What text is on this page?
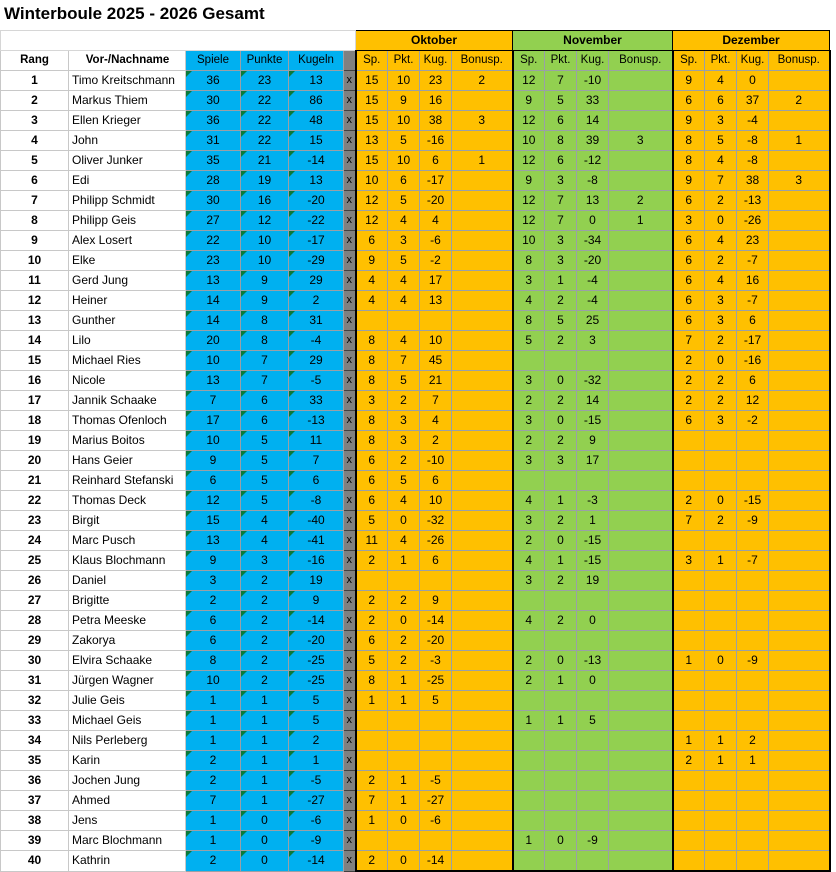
Winterboule 2025 - 2026 Gesamt
						Oktober				November				Dezember			
Rang	Vor-/Nachname	Spiele	Punkte	Kugeln		Sp.	Pkt.	Kug.	Bonusp.	Sp.	Pkt.	Kug.	Bonusp.	Sp.	Pkt.	Kug.	Bonusp.
1	Timo Kreitschmann	36	23	13	x	15	10	23	2	12	7	-10		9	4	0	
2	Markus Thiem	30	22	86	x	15	9	16		9	5	33		6	6	37	2
3	Ellen Krieger	36	22	48	x	15	10	38	3	12	6	14		9	3	-4	
4	John	31	22	15	x	13	5	-16		10	8	39	3	8	5	-8	1
5	Oliver Junker	35	21	-14	x	15	10	6	1	12	6	-12		8	4	-8	
6	Edi	28	19	13	x	10	6	-17		9	3	-8		9	7	38	3
7	Philipp Schmidt	30	16	-20	x	12	5	-20		12	7	13	2	6	2	-13	
8	Philipp Geis	27	12	-22	x	12	4	4		12	7	0	1	3	0	-26	
9	Alex Losert	22	10	-17	x	6	3	-6		10	3	-34		6	4	23	
10	Elke	23	10	-29	x	9	5	-2		8	3	-20		6	2	-7	
11	Gerd Jung	13	9	29	x	4	4	17		3	1	-4		6	4	16	
12	Heiner	14	9	2	x	4	4	13		4	2	-4		6	3	-7	
13	Gunther	14	8	31	x					8	5	25		6	3	6	
14	Lilo	20	8	-4	x	8	4	10		5	2	3		7	2	-17	
15	Michael Ries	10	7	29	x	8	7	45						2	0	-16	
16	Nicole	13	7	-5	x	8	5	21		3	0	-32		2	2	6	
17	Jannik Schaake	7	6	33	x	3	2	7		2	2	14		2	2	12	
18	Thomas Ofenloch	17	6	-13	x	8	3	4		3	0	-15		6	3	-2	
19	Marius Boitos	10	5	11	x	8	3	2		2	2	9					
20	Hans Geier	9	5	7	x	6	2	-10		3	3	17					
21	Reinhard Stefanski	6	5	6	x	6	5	6									
22	Thomas Deck	12	5	-8	x	6	4	10		4	1	-3		2	0	-15	
23	Birgit	15	4	-40	x	5	0	-32		3	2	1		7	2	-9	
24	Marc Pusch	13	4	-41	x	11	4	-26		2	0	-15					
25	Klaus Blochmann	9	3	-16	x	2	1	6		4	1	-15		3	1	-7	
26	Daniel	3	2	19	x					3	2	19					
27	Brigitte	2	2	9	x	2	2	9									
28	Petra Meeske	6	2	-14	x	2	0	-14		4	2	0					
29	Zakorya	6	2	-20	x	6	2	-20									
30	Elvira Schaake	8	2	-25	x	5	2	-3		2	0	-13		1	0	-9	
31	Jürgen Wagner	10	2	-25	x	8	1	-25		2	1	0					
32	Julie Geis	1	1	5	x	1	1	5									
33	Michael Geis	1	1	5	x					1	1	5					
34	Nils Perleberg	1	1	2	x									1	1	2	
35	Karin	2	1	1	x									2	1	1	
36	Jochen Jung	2	1	-5	x	2	1	-5									
37	Ahmed	7	1	-27	x	7	1	-27									
38	Jens	1	0	-6	x	1	0	-6									
39	Marc Blochmann	1	0	-9	x					1	0	-9					
40	Kathrin	2	0	-14	x	2	0	-14									
